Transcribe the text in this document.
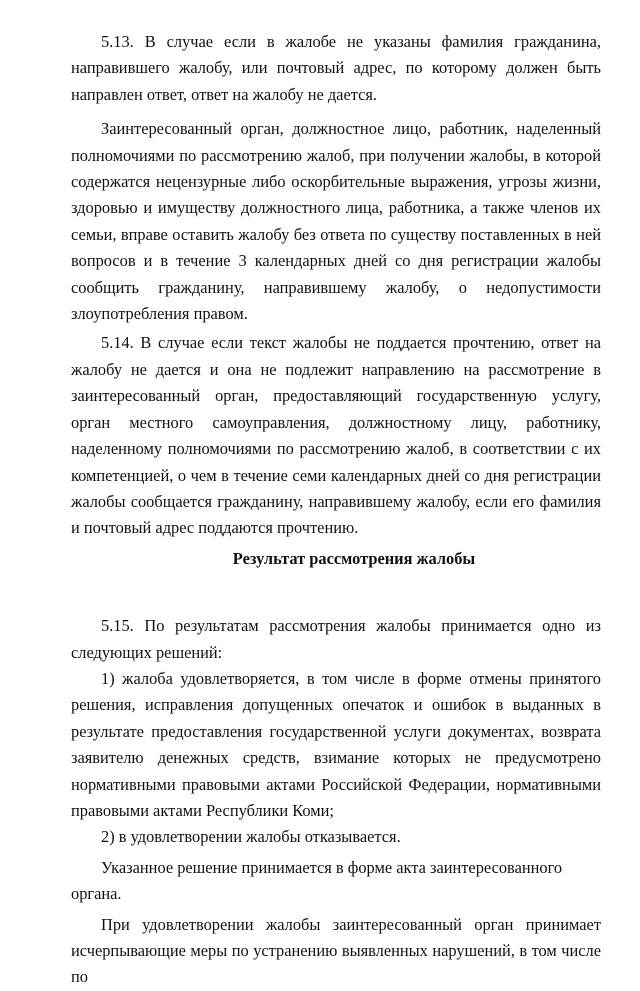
5.13. В случае если в жалобе не указаны фамилия гражданина, направившего жалобу, или почтовый адрес, по которому должен быть направлен ответ, ответ на жалобу не дается.

Заинтересованный орган, должностное лицо, работник, наделенный полномочиями по рассмотрению жалоб, при получении жалобы, в которой содержатся нецензурные либо оскорбительные выражения, угрозы жизни, здоровью и имуществу должностного лица, работника, а также членов их семьи, вправе оставить жалобу без ответа по существу поставленных в ней вопросов и в течение 3 календарных дней со дня регистрации жалобы сообщить гражданину, направившему жалобу, о недопустимости злоупотребления правом.

5.14. В случае если текст жалобы не поддается прочтению, ответ на жалобу не дается и она не подлежит направлению на рассмотрение в заинтересованный орган, предоставляющий государственную услугу, орган местного самоуправления, должностному лицу, работнику, наделенному полномочиями по рассмотрению жалоб, в соответствии с их компетенцией, о чем в течение семи календарных дней со дня регистрации жалобы сообщается гражданину, направившему жалобу, если его фамилия и почтовый адрес поддаются прочтению.

Результат рассмотрения жалобы

5.15. По результатам рассмотрения жалобы принимается одно из следующих решений:

1) жалоба удовлетворяется, в том числе в форме отмены принятого решения, исправления допущенных опечаток и ошибок в выданных в результате предоставления государственной услуги документах, возврата заявителю денежных средств, взимание которых не предусмотрено нормативными правовыми актами Российской Федерации, нормативными правовыми актами Республики Коми;

2) в удовлетворении жалобы отказывается.

Указанное решение принимается в форме акта заинтересованного органа.

При удовлетворении жалобы заинтересованный орган принимает исчерпывающие меры по устранению выявленных нарушений, в том числе по
